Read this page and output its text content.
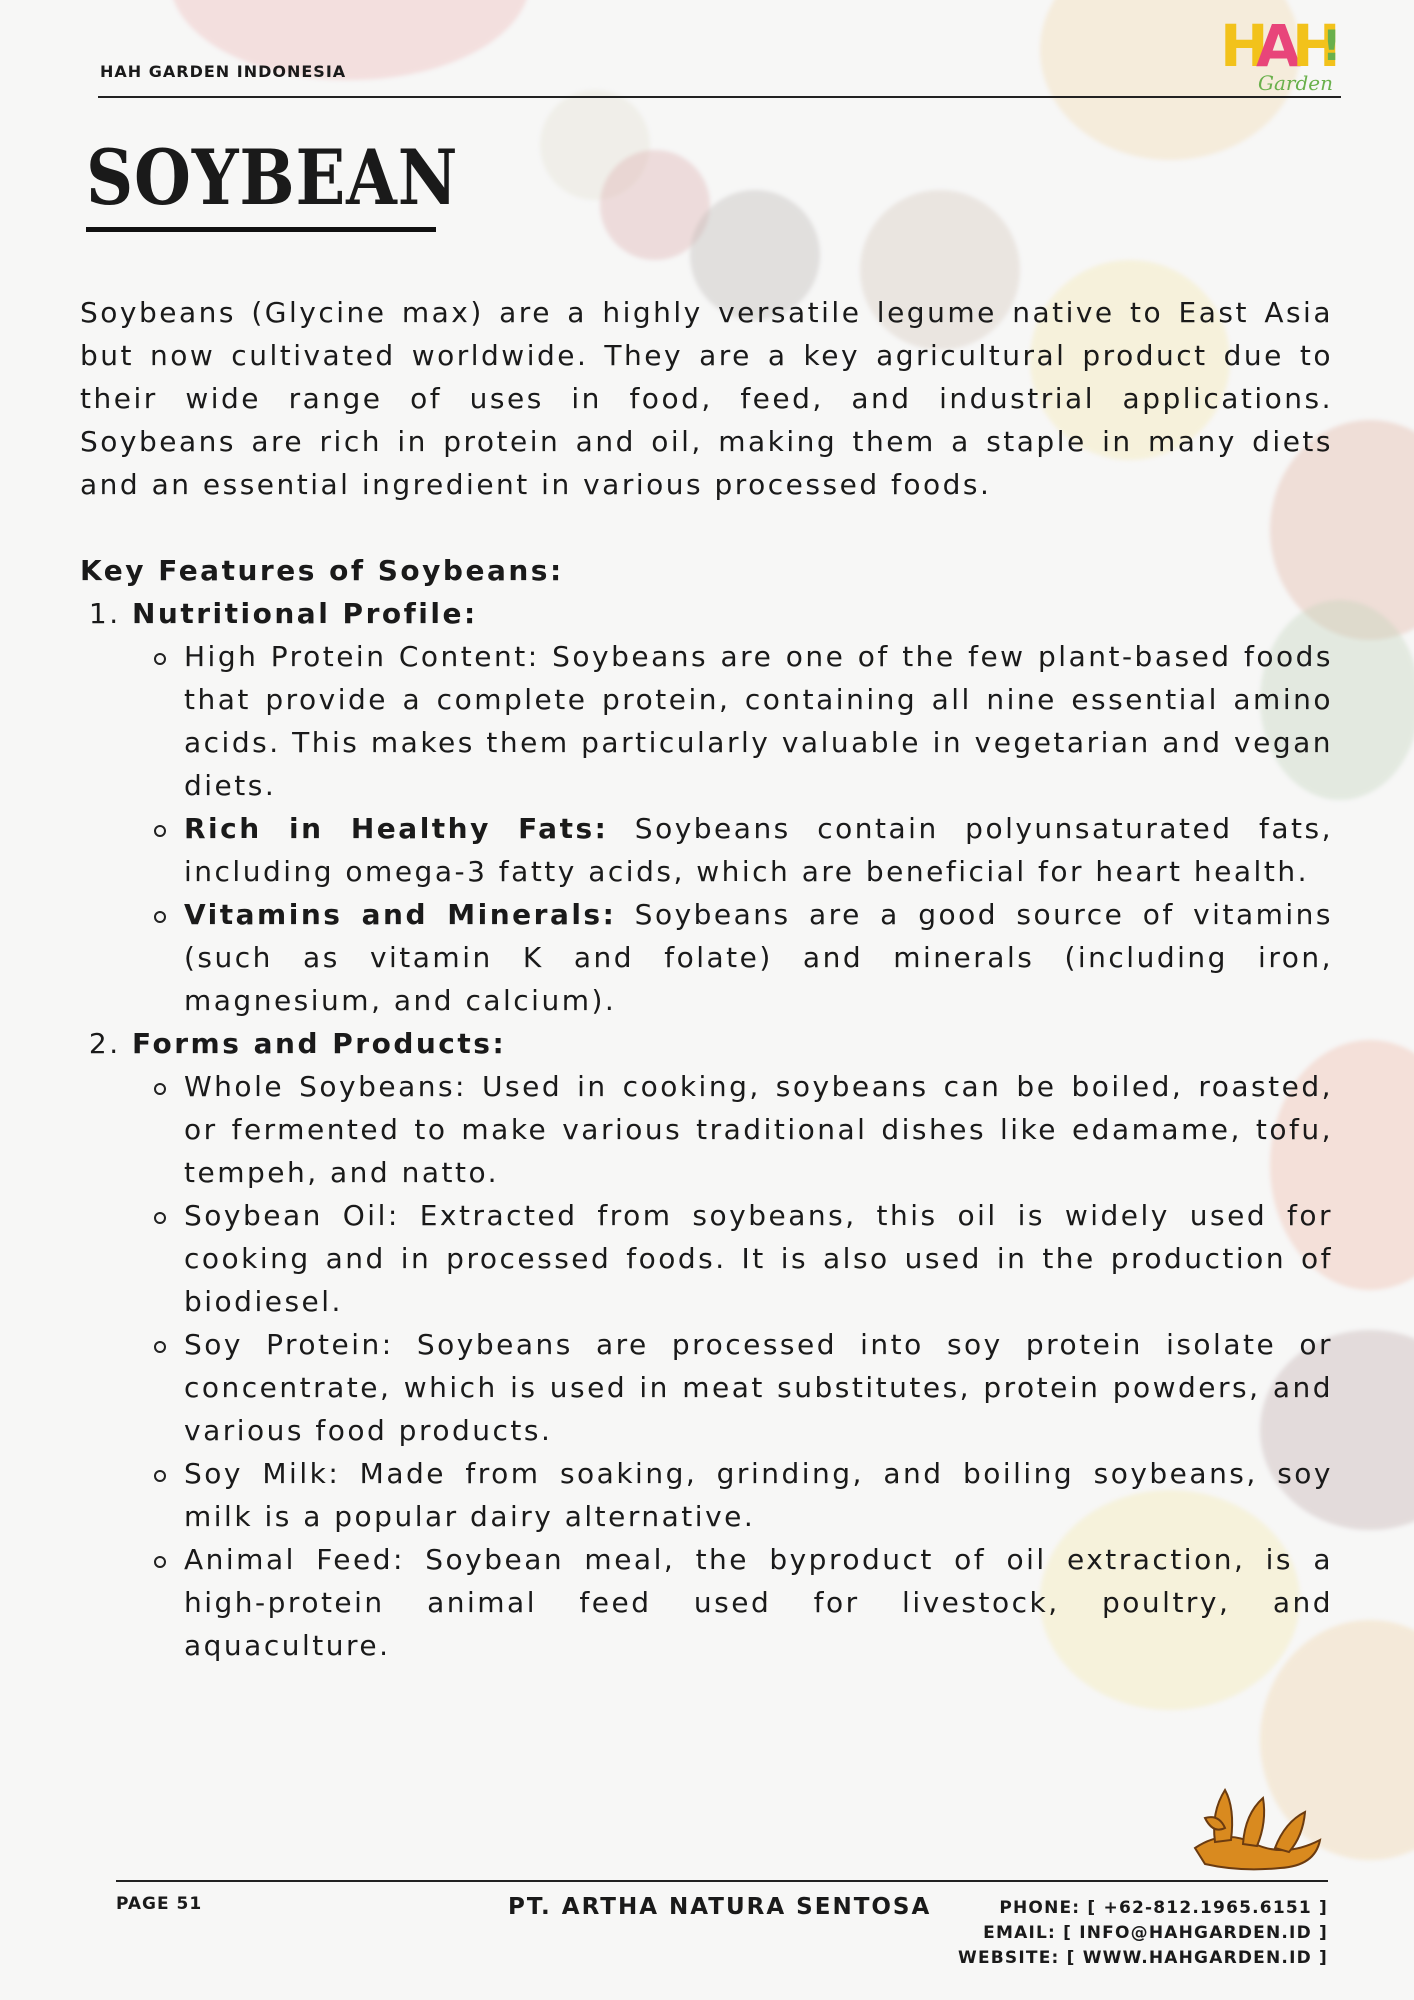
HAH GARDEN INDONESIA	H
A
H
Garden
SOYBEAN

Soybeans (Glycine max) are a highly versatile legume native to East Asia but now cultivated worldwide. They are a key agricultural product due to their wide range of uses in food, feed, and industrial applications. Soybeans are rich in protein and oil, making them a staple in many diets and an essential ingredient in various processed foods.

Key Features of Soybeans:
1. Nutritional Profile:
High Protein Content: Soybeans are one of the few plant-based foods that provide a complete protein, containing all nine essential amino acids. This makes them particularly valuable in vegetarian and vegan diets.
Rich in Healthy Fats: Soybeans contain polyunsaturated fats, including omega-3 fatty acids, which are beneficial for heart health.
Vitamins and Minerals: Soybeans are a good source of vitamins (such as vitamin K and folate) and minerals (including iron, magnesium, and calcium).
2. Forms and Products:
Whole Soybeans: Used in cooking, soybeans can be boiled, roasted, or fermented to make various traditional dishes like edamame, tofu, tempeh, and natto.
Soybean Oil: Extracted from soybeans, this oil is widely used for cooking and in processed foods. It is also used in the production of biodiesel.
Soy Protein: Soybeans are processed into soy protein isolate or concentrate, which is used in meat substitutes, protein powders, and various food products.
Soy Milk: Made from soaking, grinding, and boiling soybeans, soy milk is a popular dairy alternative.
Animal Feed: Soybean meal, the byproduct of oil extraction, is a high-protein animal feed used for livestock, poultry, and aquaculture.
PAGE 51	PT. ARTHA NATURA SENTOSA	PHONE: [ +62-812.1965.6151 ]
EMAIL: [ INFO@HAHGARDEN.ID ]
WEBSITE: [ WWW.HAHGARDEN.ID ]
